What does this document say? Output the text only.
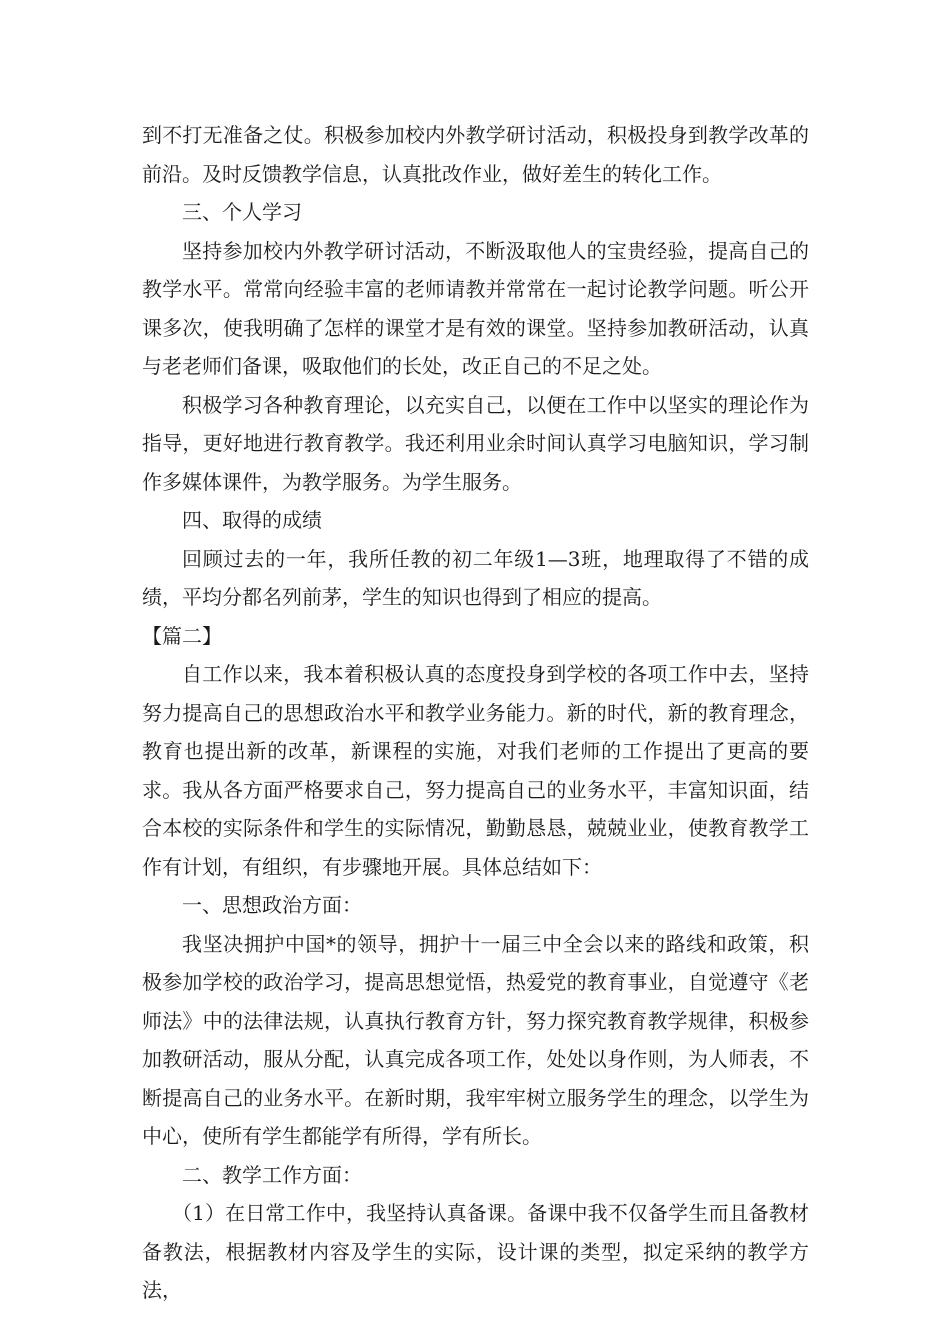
到不打无准备之仗。积极参加校内外教学研讨活动，积极投身到教学改革的前沿。及时反馈教学信息，认真批改作业，做好差生的转化工作。

三、个人学习

坚持参加校内外教学研讨活动，不断汲取他人的宝贵经验，提高自己的教学水平。常常向经验丰富的老师请教并常常在一起讨论教学问题。听公开课多次，使我明确了怎样的课堂才是有效的课堂。坚持参加教研活动，认真与老老师们备课，吸取他们的长处，改正自己的不足之处。

积极学习各种教育理论，以充实自己，以便在工作中以坚实的理论作为指导，更好地进行教育教学。我还利用业余时间认真学习电脑知识，学习制作多媒体课件，为教学服务。为学生服务。

四、取得的成绩

回顾过去的一年，我所任教的初二年级1—3班，地理取得了不错的成绩，平均分都名列前茅，学生的知识也得到了相应的提高。

【篇二】

自工作以来，我本着积极认真的态度投身到学校的各项工作中去，坚持努力提高自己的思想政治水平和教学业务能力。新的时代，新的教育理念，教育也提出新的改革，新课程的实施，对我们老师的工作提出了更高的要求。我从各方面严格要求自己，努力提高自己的业务水平，丰富知识面，结合本校的实际条件和学生的实际情况，勤勤恳恳，兢兢业业，使教育教学工作有计划，有组织，有步骤地开展。具体总结如下：

一、思想政治方面：

我坚决拥护中国*的领导，拥护十一届三中全会以来的路线和政策，积极参加学校的政治学习，提高思想觉悟，热爱党的教育事业，自觉遵守《老师法》中的法律法规，认真执行教育方针，努力探究教育教学规律，积极参加教研活动，服从分配，认真完成各项工作，处处以身作则，为人师表，不断提高自己的业务水平。在新时期，我牢牢树立服务学生的理念，以学生为中心，使所有学生都能学有所得，学有所长。

二、教学工作方面：

（1）在日常工作中，我坚持认真备课。备课中我不仅备学生而且备教材备教法，根据教材内容及学生的实际，设计课的类型，拟定采纳的教学方法，
